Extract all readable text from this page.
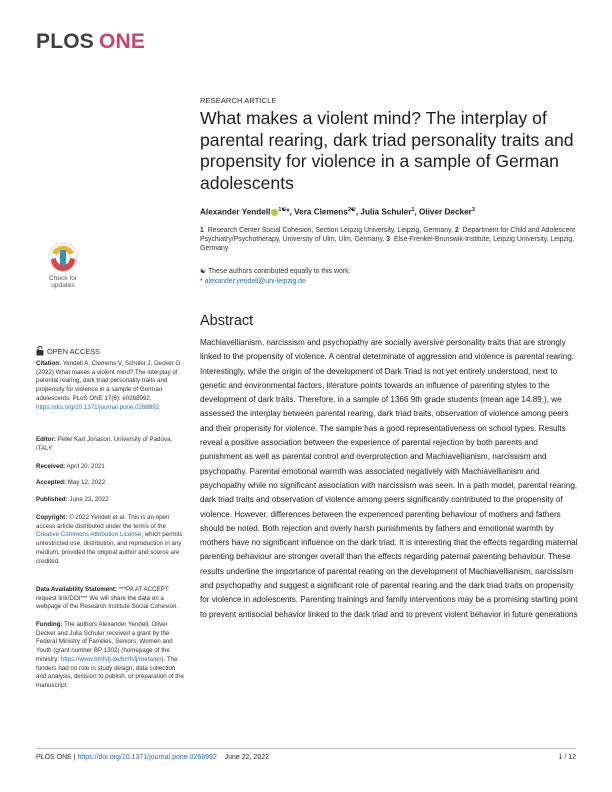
PLOS ONE
Check for
updates
OPEN ACCESS
Citation: Yendell A, Clemens V, Schuler J, Decker O (2022) What makes a violent mind? The interplay of parental rearing, dark triad personality traits and propensity for violence in a sample of German adolescents. PLoS ONE 17(6): e0268992. https://doi.org/10.1371/journal.pone.0268992
Editor: Peter Karl Jonason, University of Padova, ITALY
Received: April 20, 2021
Accepted: May 12, 2022
Published: June 22, 2022
Copyright: © 2022 Yendell et al. This is an open access article distributed under the terms of the Creative Commons Attribution License, which permits unrestricted use, distribution, and reproduction in any medium, provided the original author and source are credited.
Data Availability Statement: ***PA AT ACCEPT: request link/DOI*** We will share the data on a webpage of the Research Institute Social Cohesion.
Funding: The authors Alexander Yendell, Oliver Decker and Julia Schuler received a grant by the Federal Ministry of Families, Seniors, Women and Youth (grant number BP 1302) (homepage of the ministry: https://www.bmfsfj.de/bmfsfj/meta/en). The funders had no role in study design, data collection and analysis, decision to publish, or preparation of the manuscript.
RESEARCH ARTICLE
What makes a violent mind? The interplay of parental rearing, dark triad personality traits and propensity for violence in a sample of German adolescents
Alexander Yendell $^{1☯}$*, Vera Clemens$^{2☯}$, Julia Schuler$^1$, Oliver Decker$^3$
1 Research Center Social Cohesion, Section Leipzig University, Leipzig, Germany, 2 Department for Child and Adolescent Psychiatry/Psychotherapy, University of Ulm, Ulm, Germany, 3 Else-Frenkel-Brunswik-Institute, Leipzig University, Leipzig, Germany
☯ These authors contributed equally to this work.
* alexander.yendell@uni-leipzig.de
Abstract
Machiavellianism, narcissism and psychopathy are socially aversive personality traits that are strongly linked to the propensity of violence. A central determinate of aggression and violence is parental rearing. Interestingly, while the origin of the development of Dark Triad is not yet entirely understood, next to genetic and environmental factors, literature points towards an influence of parenting styles to the development of dark traits. Therefore, in a sample of 1366 9th grade students (mean age 14.89,), we assessed the interplay between parental rearing, dark triad traits, observation of violence among peers and their propensity for violence. The sample has a good representativeness on school types. Results reveal a positive association between the experience of parental rejection by both parents and punishment as well as parental control and overprotection and Machiavellianism, narcissism and psychopathy. Parental emotional warmth was associated negatively with Machiavellianism and psychopathy while no significant association with narcissism was seen. In a path model, parental rearing, dark triad traits and observation of violence among peers significantly contributed to the propensity of violence. However, differences between the experienced parenting behaviour of mothers and fathers should be noted. Both rejection and overly harsh punishments by fathers and emotional warmth by mothers have no significant influence on the dark triad. It is interesting that the effects regarding maternal parenting behaviour are stronger overall than the effects regarding paternal parenting behaviour. These results underline the importance of parental rearing on the development of Machiavellianism, narcissism and psychopathy and suggest a significant role of parental rearing and the dark triad traits on propensity for violence in adolescents. Parenting trainings and family interventions may be a promising starting point to prevent antisocial behavior linked to the dark triad and to prevent violent behavior in future generations
PLOS ONE | https://doi.org/10.1371/journal.pone.0268992 June 22, 2022	1 / 12
